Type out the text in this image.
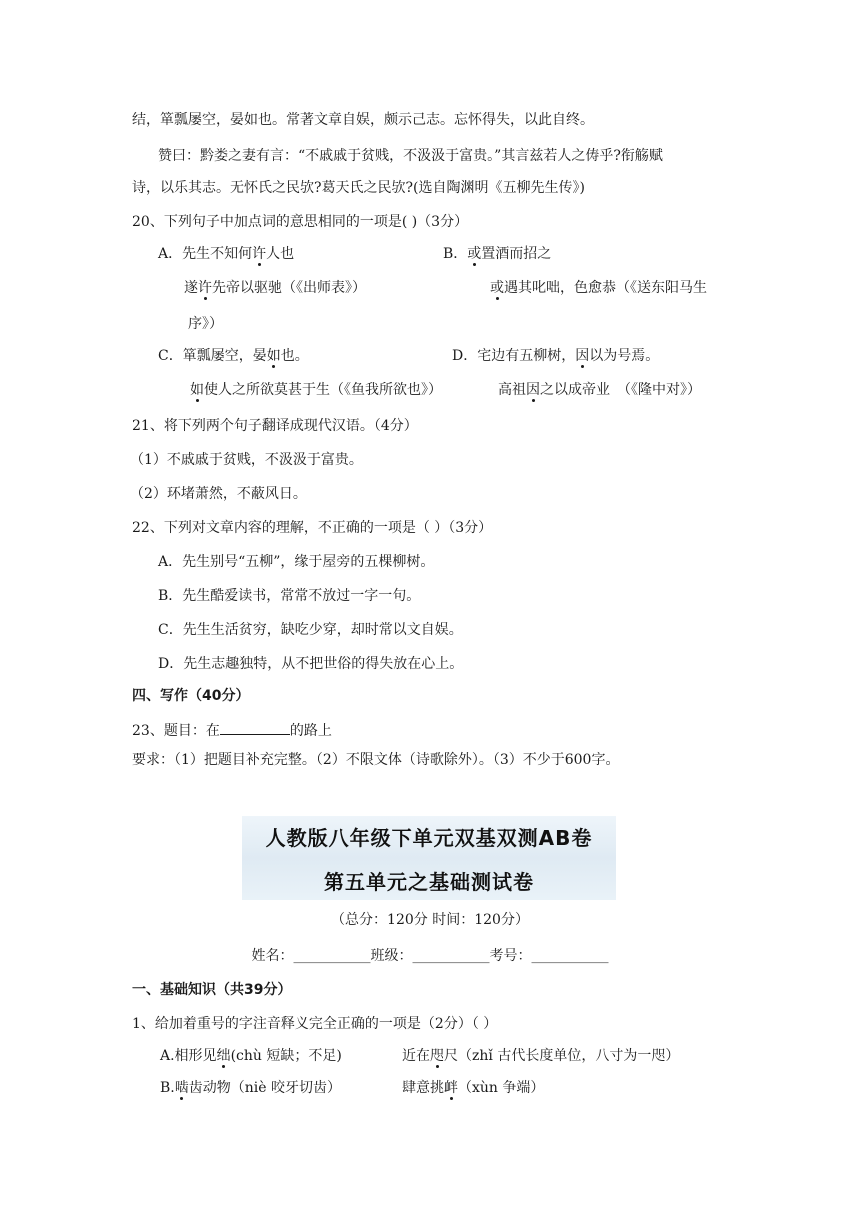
结，箪瓢屡空，晏如也。常著文章自娱，颇示己志。忘怀得失，以此自终。
赞曰：黔娄之妻有言：“不戚戚于贫贱，不汲汲于富贵。”其言兹若人之俦乎?衔觞赋
诗，以乐其志。无怀氏之民欤?葛天氏之民欤?(选自陶渊明《五柳先生传》)
20、下列句子中加点词的意思相同的一项是( )（3分）
A．先生不知何许人也	B．或置酒而招之
遂许先帝以驱驰（《出师表》）	或遇其叱咄，色愈恭（《送东阳马生
序》）
C．箪瓢屡空，晏如也。	D．宅边有五柳树，因以为号焉。
如使人之所欲莫甚于生（《鱼我所欲也》）	高祖因之以成帝业　（《隆中对》）
21、将下列两个句子翻译成现代汉语。（4分）
（1）不戚戚于贫贱，不汲汲于富贵。
（2）环堵萧然，不蔽风日。
22、下列对文章内容的理解，不正确的一项是（ ）（3分）
A．先生别号“五柳”，缘于屋旁的五棵柳树。
B．先生酷爱读书，常常不放过一字一句。
C．先生生活贫穷，缺吃少穿，却时常以文自娱。
D．先生志趣独特，从不把世俗的得失放在心上。
四、写作（40分）
23、题目：在	的路上
要求：（1）把题目补充完整。（2）不限文体（诗歌除外）。（3）不少于600字。
人教版八年级下单元双基双测AB卷
第五单元之基础测试卷
（总分：120分 时间：120分）
姓名：___________班级：___________考号：___________
一、基础知识（共39分）
1、给加着重号的字注音释义完全正确的一项是（2分）（ ）
A.相形见绌(chù 短缺；不足)	近在咫尺（zhǐ 古代长度单位，八寸为一咫）
B.啮齿动物（niè 咬牙切齿）	肆意挑衅（xùn 争端）
